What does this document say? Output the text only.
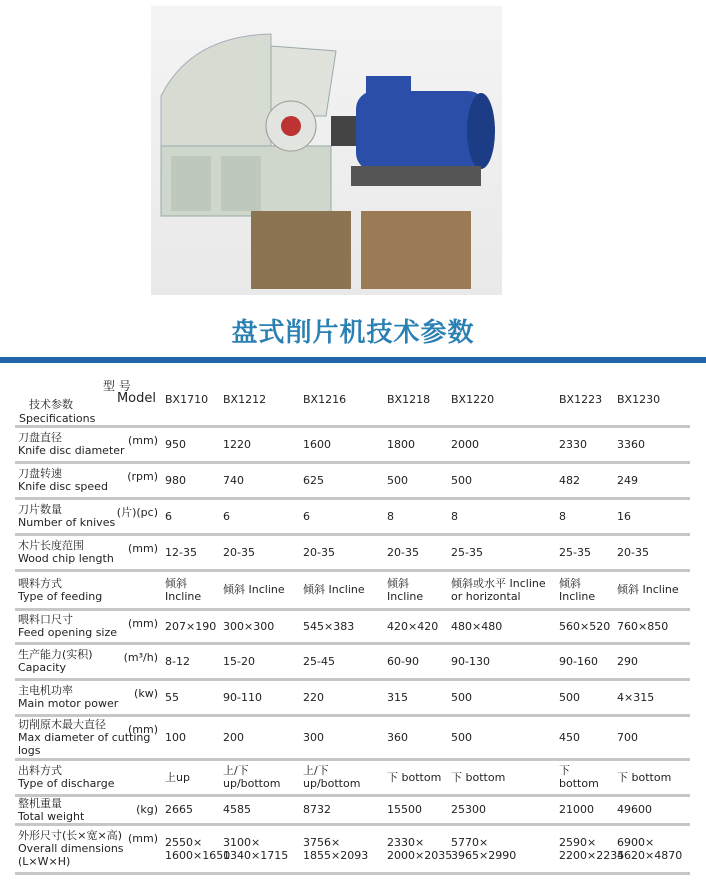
盘式削片机技术参数
型 号
Model
技术参数
Specifications	BX1710	BX1212	BX1216	BX1218	BX1220	BX1223	BX1230

刀盘直径
Knife disc diameter
(mm)	950	1220	1600	1800	2000	2330	3360

刀盘转速
Knife disc speed
(rpm)	980	740	625	500	500	482	249

刀片数量
Number of knives
(片)(pc)	6	6	6	8	8	8	16

木片长度范围
Wood chip length
(mm)	12-35	20-35	20-35	20-35	25-35	25-35	20-35

喂料方式
Type of feeding	倾斜 Incline	倾斜 Incline	倾斜 Incline	倾斜 Incline	倾斜或水平 Incline or horizontal	倾斜 Incline	倾斜 Incline

喂料口尺寸
Feed opening size
(mm)	207×190	300×300	545×383	420×420	480×480	560×520	760×850

生产能力(实积)
Capacity
(m³/h)	8-12	15-20	25-45	60-90	90-130	90-160	290

主电机功率
Main motor power
(kw)	55	90-110	220	315	500	500	4×315

切削原木最大直径
Max diameter of cutting logs
(mm)	100	200	300	360	500	450	700

出料方式
Type of discharge	上up	上/下up/bottom	上/下up/bottom	下 bottom	下 bottom	下 bottom	下 bottom

整机重量
Total weight
(kg)	2665	4585	8732	15500	25300	21000	49600

外形尺寸(长×宽×高)
Overall dimensions (L×W×H)
(mm)	2550× 1600×1650	3100× 1340×1715	3756× 1855×2093	2330× 2000×2035	5770× 3965×2990	2590× 2200×2235	6900× 4620×4870
